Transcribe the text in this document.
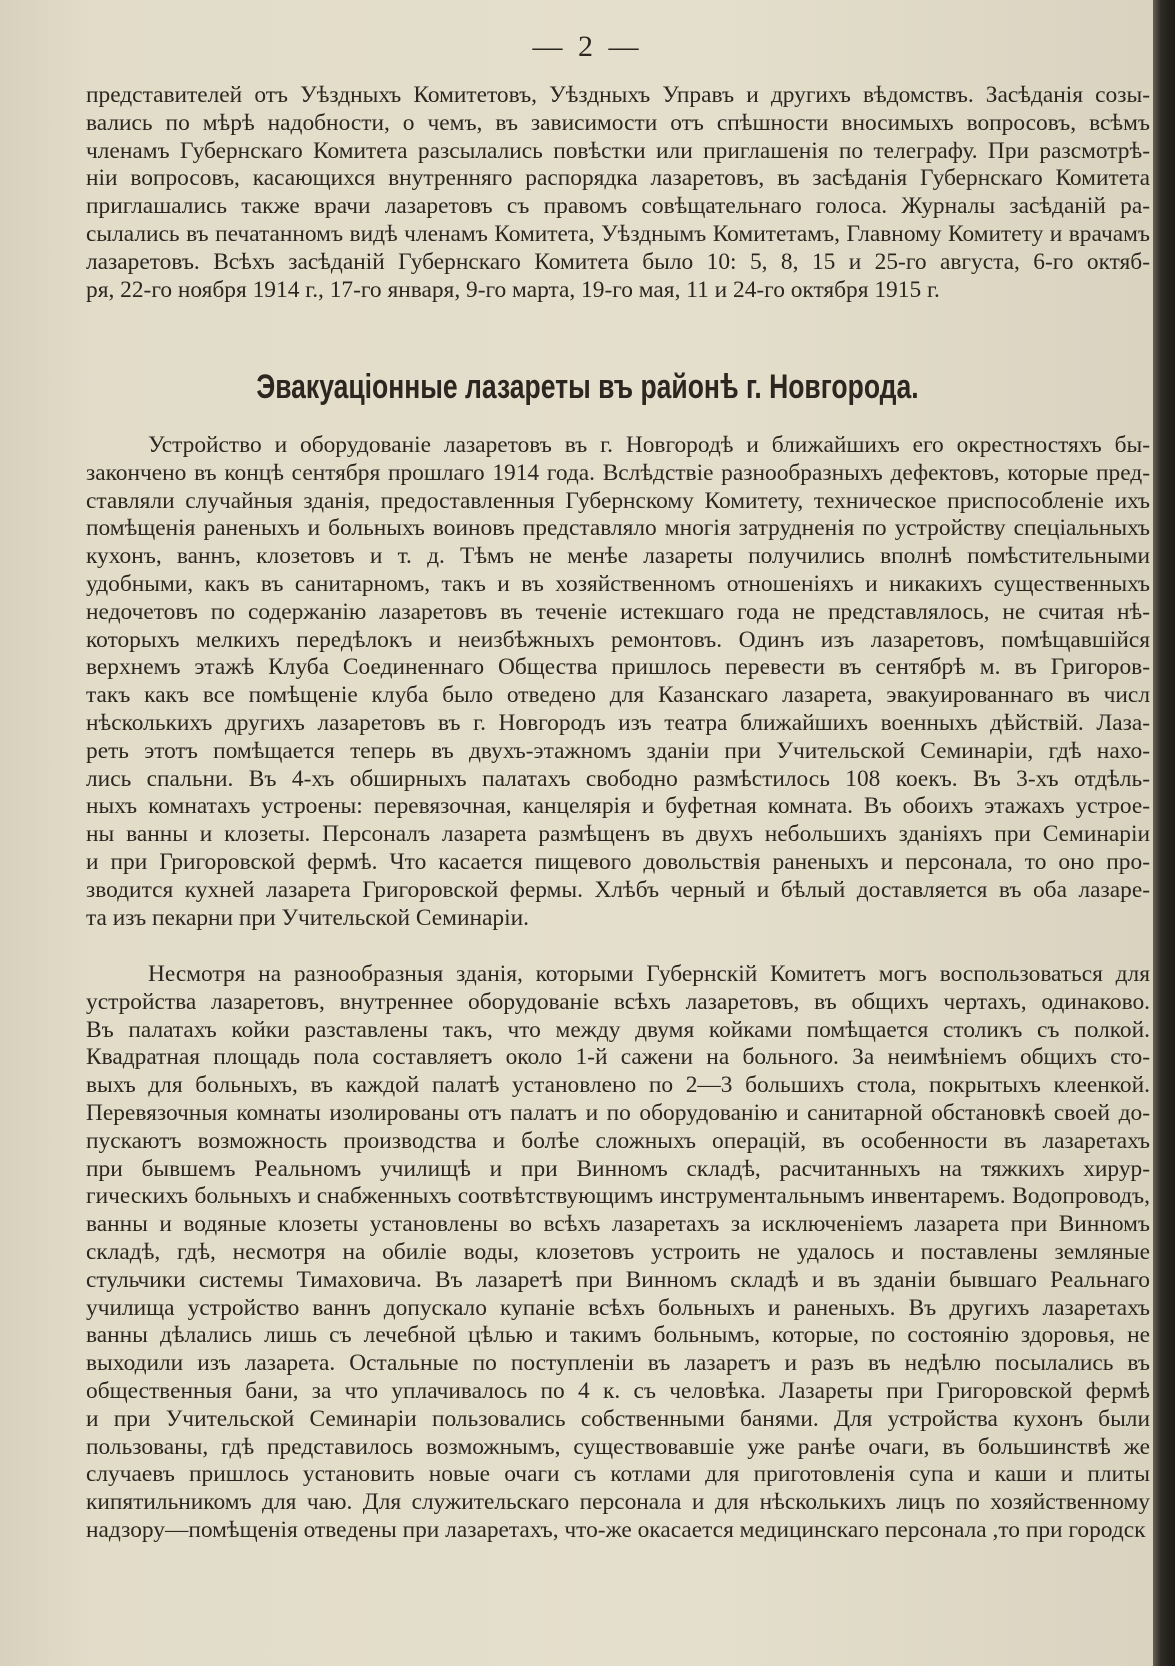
— 2 —
представителей отъ Уѣздныхъ Комитетовъ, Уѣздныхъ Управъ и другихъ вѣдомствъ. Засѣданія созы-
вались по мѣрѣ надобности, о чемъ, въ зависимости отъ спѣшности вносимыхъ вопросовъ, всѣмъ
членамъ Губернскаго Комитета разсылались повѣстки или приглашенія по телеграфу. При разсмотрѣ-
ніи вопросовъ, касающихся внутренняго распорядка лазаретовъ, въ засѣданія Губернскаго Комитета
приглашались также врачи лазаретовъ съ правомъ совѣщательнаго голоса. Журналы засѣданій ра-
сылались въ печатанномъ видѣ членамъ Комитета, Уѣзднымъ Комитетамъ, Главному Комитету и врачамъ
лазаретовъ. Всѣхъ засѣданій Губернскаго Комитета было 10: 5, 8, 15 и 25-го августа, 6-го октяб-
ря, 22-го ноября 1914 г., 17-го января, 9-го марта, 19-го мая, 11 и 24-го октября 1915 г.
Эвакуаціонные лазареты въ районѣ г. Новгорода.
Устройство и оборудованіе лазаретовъ въ г. Новгородѣ и ближайшихъ его окрестностяхъ бы-
закончено въ концѣ сентября прошлаго 1914 года. Вслѣдствіе разнообразныхъ дефектовъ, которые пред-
ставляли случайныя зданія, предоставленныя Губернскому Комитету, техническое приспособленіе ихъ
помѣщенія раненыхъ и больныхъ воиновъ представляло многія затрудненія по устройству спеціальныхъ
кухонъ, ваннъ, клозетовъ и т. д. Тѣмъ не менѣе лазареты получились вполнѣ помѣстительными
удобными, какъ въ санитарномъ, такъ и въ хозяйственномъ отношеніяхъ и никакихъ существенныхъ
недочетовъ по содержанію лазаретовъ въ теченіе истекшаго года не представлялось, не считая нѣ-
которыхъ мелкихъ передѣлокъ и неизбѣжныхъ ремонтовъ. Одинъ изъ лазаретовъ, помѣщавшійся
верхнемъ этажѣ Клуба Соединеннаго Общества пришлось перевести въ сентябрѣ м. въ Григоров-
такъ какъ все помѣщеніе клуба было отведено для Казанскаго лазарета, эвакуированнаго въ числ
нѣсколькихъ другихъ лазаретовъ въ г. Новгородъ изъ театра ближайшихъ военныхъ дѣйствій. Лаза-
реть этотъ помѣщается теперь въ двухъ-этажномъ зданіи при Учительской Семинаріи, гдѣ нахо-
лись спальни. Въ 4-хъ обширныхъ палатахъ свободно размѣстилось 108 коекъ. Въ 3-хъ отдѣль-
ныхъ комнатахъ устроены: перевязочная, канцелярія и буфетная комната. Въ обоихъ этажахъ устрое-
ны ванны и клозеты. Персоналъ лазарета размѣщенъ въ двухъ небольшихъ зданіяхъ при Семинаріи
и при Григоровской фермѣ. Что касается пищевого довольствія раненыхъ и персонала, то оно про-
зводится кухней лазарета Григоровской фермы. Хлѣбъ черный и бѣлый доставляется въ оба лазаре-
та изъ пекарни при Учительской Семинаріи.
Несмотря на разнообразныя зданія, которыми Губернскій Комитетъ могъ воспользоваться для
устройства лазаретовъ, внутреннее оборудованіе всѣхъ лазаретовъ, въ общихъ чертахъ, одинаково.
Въ палатахъ койки разставлены такъ, что между двумя койками помѣщается столикъ съ полкой.
Квадратная площадь пола составляетъ около 1-й сажени на больного. За неимѣніемъ общихъ сто-
выхъ для больныхъ, въ каждой палатѣ установлено по 2—3 большихъ стола, покрытыхъ клеенкой.
Перевязочныя комнаты изолированы отъ палатъ и по оборудованію и санитарной обстановкѣ своей до-
пускаютъ возможность производства и болѣе сложныхъ операцій, въ особенности въ лазаретахъ
при бывшемъ Реальномъ училищѣ и при Винномъ складѣ, расчитанныхъ на тяжкихъ хирур-
гическихъ больныхъ и снабженныхъ соотвѣтствующимъ инструментальнымъ инвентаремъ. Водопроводъ,
ванны и водяные клозеты установлены во всѣхъ лазаретахъ за исключеніемъ лазарета при Винномъ
складѣ, гдѣ, несмотря на обиліе воды, клозетовъ устроить не удалось и поставлены земляные
стульчики системы Тимаховича. Въ лазаретѣ при Винномъ складѣ и въ зданіи бывшаго Реальнаго
училища устройство ваннъ допускало купаніе всѣхъ больныхъ и раненыхъ. Въ другихъ лазаретахъ
ванны дѣлались лишь съ лечебной цѣлью и такимъ больнымъ, которые, по состоянію здоровья, не
выходили изъ лазарета. Остальные по поступленіи въ лазаретъ и разъ въ недѣлю посылались въ
общественныя бани, за что уплачивалось по 4 к. съ человѣка. Лазареты при Григоровской фермѣ
и при Учительской Семинаріи пользовались собственными банями. Для устройства кухонъ были
пользованы, гдѣ представилось возможнымъ, существовавшіе уже ранѣе очаги, въ большинствѣ же
случаевъ пришлось установить новые очаги съ котлами для приготовленія супа и каши и плиты
кипятильникомъ для чаю. Для служительскаго персонала и для нѣсколькихъ лицъ по хозяйственному
надзору—помѣщенія отведены при лазаретахъ, что-же окасается медицинскаго персонала ,то при городск
